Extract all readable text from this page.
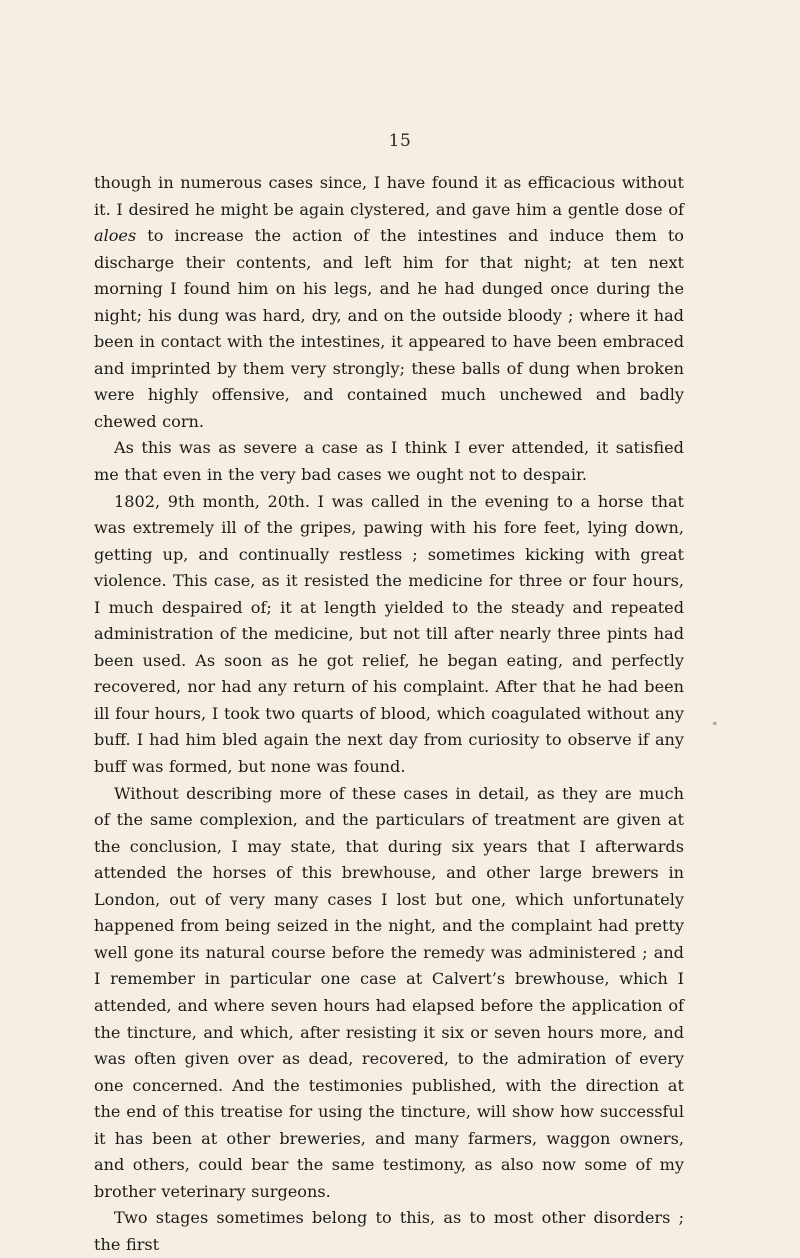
15

though in numerous cases since, I have found it as efficacious without it. I desired he might be again clystered, and gave him a gentle dose of aloes to increase the action of the intestines and induce them to discharge their contents, and left him for that night; at ten next morning I found him on his legs, and he had dunged once during the night; his dung was hard, dry, and on the outside bloody ; where it had been in contact with the intestines, it appeared to have been embraced and imprinted by them very strongly; these balls of dung when broken were highly offensive, and contained much unchewed and badly chewed corn.

As this was as severe a case as I think I ever attended, it satisfied me that even in the very bad cases we ought not to despair.

1802, 9th month, 20th. I was called in the evening to a horse that was extremely ill of the gripes, pawing with his fore feet, lying down, getting up, and continually restless ; sometimes kicking with great violence. This case, as it resisted the medicine for three or four hours, I much despaired of; it at length yielded to the steady and repeated administration of the medicine, but not till after nearly three pints had been used. As soon as he got relief, he began eating, and perfectly recovered, nor had any return of his complaint. After that he had been ill four hours, I took two quarts of blood, which coagulated without any buff. I had him bled again the next day from curiosity to observe if any buff was formed, but none was found.

Without describing more of these cases in detail, as they are much of the same complexion, and the particulars of treatment are given at the conclusion, I may state, that during six years that I afterwards attended the horses of this brewhouse, and other large brewers in London, out of very many cases I lost but one, which unfortunately happened from being seized in the night, and the complaint had pretty well gone its natural course before the remedy was administered ; and I remember in particular one case at Calvert’s brewhouse, which I attended, and where seven hours had elapsed before the application of the tincture, and which, after resisting it six or seven hours more, and was often given over as dead, recovered, to the admiration of every one concerned. And the testimonies published, with the direction at the end of this treatise for using the tincture, will show how successful it has been at other breweries, and many farmers, waggon owners, and others, could bear the same testimony, as also now some of my brother veterinary surgeons.

Two stages sometimes belong to this, as to most other disorders ; the first

«
